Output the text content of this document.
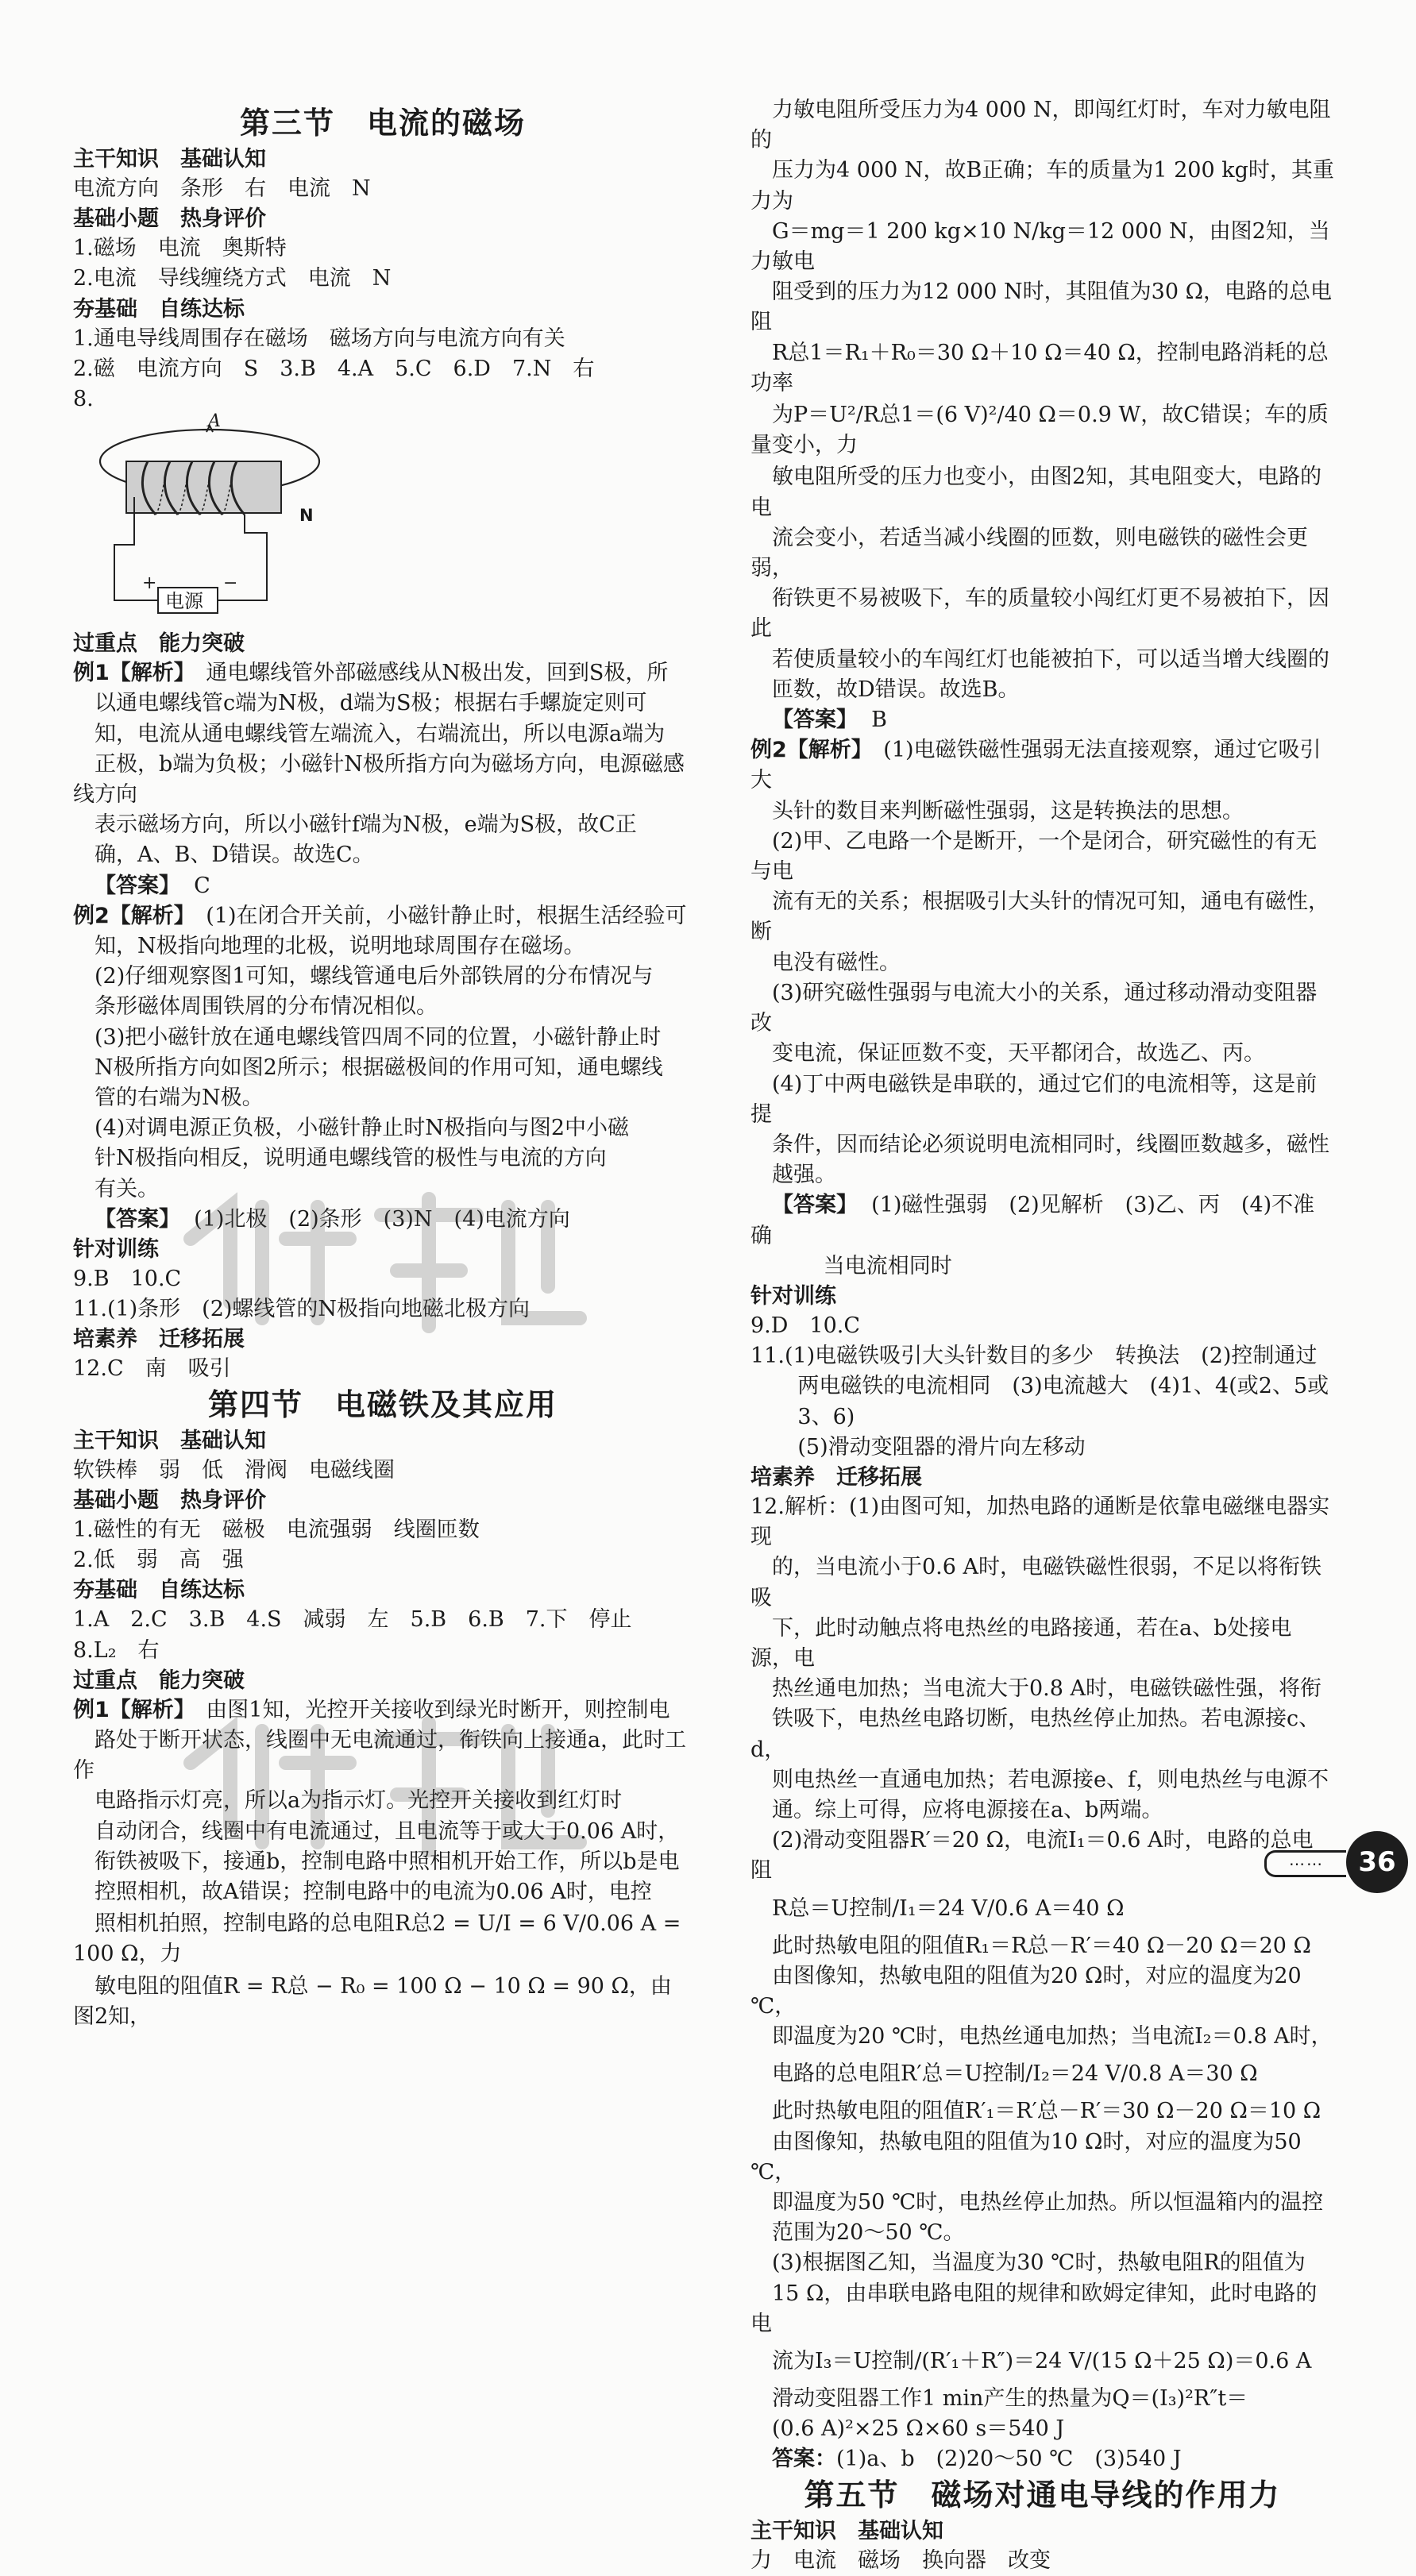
第三节　电流的磁场

主干知识　基础认知

电流方向　条形　右　电流　N

基础小题　热身评价

1.磁场　电流　奥斯特

2.电流　导线缠绕方式　电流　N

夯基础　自练达标

1.通电导线周围存在磁场　磁场方向与电流方向有关

2.磁　电流方向　S　3.B　4.A　5.C　6.D　7.N　右

8.

A
N
+	−
电源

过重点　能力突破

例1【解析】　 通电螺线管外部磁感线从N极出发，回到S极，所

以通电螺线管c端为N极，d端为S极；根据右手螺旋定则可

知，电流从通电螺线管左端流入，右端流出，所以电源a端为

正极，b端为负极；小磁针N极所指方向为磁场方向，电源磁感线方向

表示磁场方向，所以小磁针f端为N极，e端为S极，故C正

确，A、B、D错误。故选C。

【答案】 C

例2【解析】　 (1)在闭合开关前，小磁针静止时，根据生活经验可

知，N极指向地理的北极，说明地球周围存在磁场。

(2)仔细观察图1可知，螺线管通电后外部铁屑的分布情况与

条形磁体周围铁屑的分布情况相似。

(3)把小磁针放在通电螺线管四周不同的位置，小磁针静止时

N极所指方向如图2所示；根据磁极间的作用可知，通电螺线

管的右端为N极。

(4)对调电源正负极，小磁针静止时N极指向与图2中小磁

针N极指向相反，说明通电螺线管的极性与电流的方向

有关。

【答案】 (1)北极　(2)条形　(3)N　(4)电流方向

针对训练

9.B　10.C

11.(1)条形　(2)螺线管的N极指向地磁北极方向

培素养　迁移拓展

12.C　南　吸引

第四节　电磁铁及其应用

主干知识　基础认知

软铁棒　弱　低　滑阀　电磁线圈

基础小题　热身评价

1.磁性的有无　磁极　电流强弱　线圈匝数

2.低　弱　高　强

夯基础　自练达标

1.A　2.C　3.B　4.S　减弱　左　5.B　6.B　7.下　停止

8.L₂　右

过重点　能力突破

例1【解析】　 由图1知，光控开关接收到绿光时断开，则控制电

路处于断开状态，线圈中无电流通过，衔铁向上接通a，此时工作

电路指示灯亮，所以a为指示灯。光控开关接收到红灯时

自动闭合，线圈中有电流通过，且电流等于或大于0.06 A时，

衔铁被吸下，接通b，控制电路中照相机开始工作，所以b是电

控照相机，故A错误；控制电路中的电流为0.06 A时，电控

照相机拍照，控制电路的总电阻R总2 = U/I = 6 V/0.06 A = 100 Ω，力

敏电阻的阻值R = R总 − R₀ = 100 Ω − 10 Ω = 90 Ω，由图2知，

力敏电阻所受压力为4 000 N，即闯红灯时，车对力敏电阻的

压力为4 000 N，故B正确；车的质量为1 200 kg时，其重力为

G＝mg＝1 200 kg×10 N/kg＝12 000 N，由图2知，当力敏电

阻受到的压力为12 000 N时，其阻值为30 Ω，电路的总电阻

R总1＝R₁＋R₀＝30 Ω＋10 Ω＝40 Ω，控制电路消耗的总功率

为P＝U²/R总1＝(6 V)²/40 Ω＝0.9 W，故C错误；车的质量变小，力

敏电阻所受的压力也变小，由图2知，其电阻变大，电路的电

流会变小，若适当减小线圈的匝数，则电磁铁的磁性会更弱，

衔铁更不易被吸下，车的质量较小闯红灯更不易被拍下，因此

若使质量较小的车闯红灯也能被拍下，可以适当增大线圈的

匝数，故D错误。故选B。

【答案】 B

例2【解析】　 (1)电磁铁磁性强弱无法直接观察，通过它吸引大

头针的数目来判断磁性强弱，这是转换法的思想。

(2)甲、乙电路一个是断开，一个是闭合，研究磁性的有无与电

流有无的关系；根据吸引大头针的情况可知，通电有磁性，断

电没有磁性。

(3)研究磁性强弱与电流大小的关系，通过移动滑动变阻器改

变电流，保证匝数不变，天平都闭合，故选乙、丙。

(4)丁中两电磁铁是串联的，通过它们的电流相等，这是前提

条件，因而结论必须说明电流相同时，线圈匝数越多，磁性

越强。

【答案】 (1)磁性强弱　(2)见解析　(3)乙、丙　(4)不准确

当电流相同时

针对训练

9.D　10.C

11.(1)电磁铁吸引大头针数目的多少　转换法　(2)控制通过

两电磁铁的电流相同　(3)电流越大　(4)1、4(或2、5或3、6)

(5)滑动变阻器的滑片向左移动

培素养　迁移拓展

12.解析：(1)由图可知，加热电路的通断是依靠电磁继电器实现

的，当电流小于0.6 A时，电磁铁磁性很弱，不足以将衔铁吸

下，此时动触点将电热丝的电路接通，若在a、b处接电源，电

热丝通电加热；当电流大于0.8 A时，电磁铁磁性强，将衔

铁吸下，电热丝电路切断，电热丝停止加热。若电源接c、d，

则电热丝一直通电加热；若电源接e、f，则电热丝与电源不

通。综上可得，应将电源接在a、b两端。

(2)滑动变阻器R′＝20 Ω，电流I₁＝0.6 A时，电路的总电阻

R总＝U控制/I₁＝24 V/0.6 A＝40 Ω

此时热敏电阻的阻值R₁＝R总－R′＝40 Ω－20 Ω＝20 Ω

由图像知，热敏电阻的阻值为20 Ω时，对应的温度为20 ℃，

即温度为20 ℃时，电热丝通电加热；当电流I₂＝0.8 A时，

电路的总电阻R′总＝U控制/I₂＝24 V/0.8 A＝30 Ω

此时热敏电阻的阻值R′₁＝R′总－R′＝30 Ω－20 Ω＝10 Ω

由图像知，热敏电阻的阻值为10 Ω时，对应的温度为50 ℃，

即温度为50 ℃时，电热丝停止加热。所以恒温箱内的温控

范围为20～50 ℃。

(3)根据图乙知，当温度为30 ℃时，热敏电阻R的阻值为

15 Ω，由串联电路电阻的规律和欧姆定律知，此时电路的电

流为I₃＝U控制/(R′₁＋R″)＝24 V/(15 Ω＋25 Ω)＝0.6 A

滑动变阻器工作1 min产生的热量为Q＝(I₃)²R″t＝

(0.6 A)²×25 Ω×60 s＝540 J

答案：(1)a、b　(2)20～50 ℃　(3)540 J

第五节　磁场对通电导线的作用力

主干知识　基础认知

力　电流　磁场　换向器　改变

……	36
